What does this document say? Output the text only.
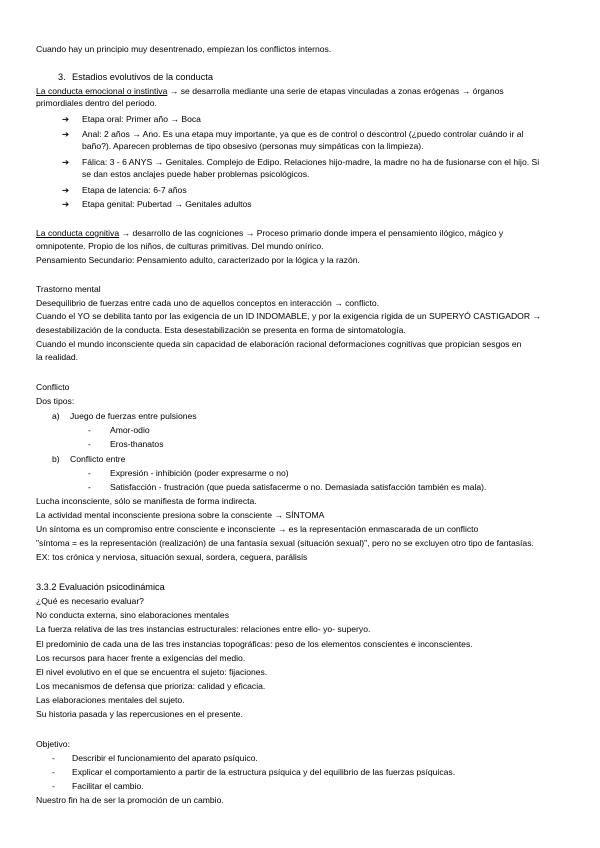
Cuando hay un principio muy desentrenado, empiezan los conflictos internos.
3. Estadios evolutivos de la conducta
La conducta emocional o instintiva → se desarrolla mediante una serie de etapas vinculadas a zonas erógenas → órganos
primordiales dentro del periodo.
➔	Etapa oral: Primer año → Boca
➔	Anal: 2 años → Ano. Es una etapa muy importante, ya que es de control o descontrol (¿puedo controlar cuándo ir al
baño?). Aparecen problemas de tipo obsesivo (personas muy simpáticas con la limpieza).
➔	Fálica: 3 - 6 ANYS → Genitales. Complejo de Edipo. Relaciones hijo-madre, la madre no ha de fusionarse con el hijo. Si
se dan estos anclajes puede haber problemas psicológicos.
➔	Etapa de latencia: 6-7 años
➔	Etapa genital: Pubertad → Genitales adultos
La conducta cognitiva → desarrollo de las cogniciones → Proceso primario donde impera el pensamiento ilógico, mágico y
omnipotente. Propio de los niños, de culturas primitivas. Del mundo onírico.
Pensamiento Secundario: Pensamiento adulto, caracterizado por la lógica y la razón.
Trastorno mental
Desequilibrio de fuerzas entre cada uno de aquellos conceptos en interacción → conflicto.
Cuando el YO se debilita tanto por las exigencia de un ID INDOMABLE, y por la exigencia rígida de un SUPERYÓ CASTIGADOR →
desestabilización de la conducta. Esta desestabilización se presenta en forma de sintomatología.
Cuando el mundo inconsciente queda sin capacidad de elaboración racional deformaciones cognitivas que propician sesgos en
la realidad.
Conflicto
Dos tipos:
a) Juego de fuerzas entre pulsiones
- Amor-odio
- Eros-thanatos
b) Conflicto entre
- Expresión - inhibición (poder expresarme o no)
- Satisfacción - frustración (que pueda satisfacerme o no. Demasiada satisfacción también es mala).
Lucha inconsciente, sólo se manifiesta de forma indirecta.
La actividad mental inconsciente presiona sobre la consciente → SÍNTOMA
Un síntoma es un compromiso entre consciente e inconsciente → es la representación enmascarada de un conflicto
"síntoma = es la representación (realización) de una fantasía sexual (situación sexual)", pero no se excluyen otro tipo de fantasías.
EX: tos crónica y nerviosa, situación sexual, sordera, ceguera, parálisis
3.3.2 Evaluación psicodinámica
¿Qué es necesario evaluar?
No conducta externa, sino elaboraciones mentales
La fuerza relativa de las tres instancias estructurales: relaciones entre ello- yo- superyo.
El predominio de cada una de las tres instancias topográficas: peso de los elementos conscientes e inconscientes.
Los recursos para hacer frente a exigencias del medio.
El nivel evolutivo en el que se encuentra el sujeto: fijaciones.
Los mecanismos de defensa que prioriza: calidad y eficacia.
Las elaboraciones mentales del sujeto.
Su historia pasada y las repercusiones en el presente.
Objetivo:
- Describir el funcionamiento del aparato psíquico.
- Explicar el comportamiento a partir de la estructura psíquica y del equilibrio de las fuerzas psíquicas.
- Facilitar el cambio.
Nuestro fin ha de ser la promoción de un cambio.
